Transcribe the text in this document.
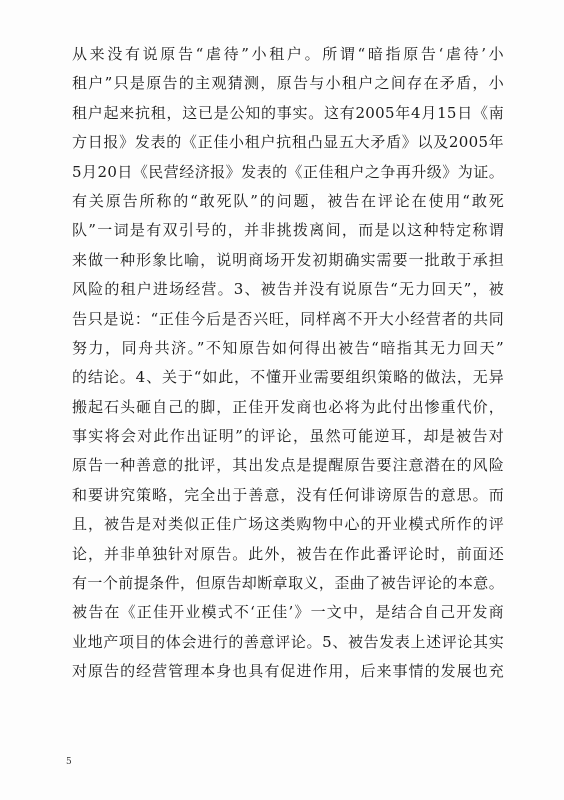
从来没有说原告“虐待”小租户。所谓“暗指原告‘虐待’小
租户”只是原告的主观猜测，原告与小租户之间存在矛盾，小
租户起来抗租，这已是公知的事实。这有2005年4月15日《南
方日报》发表的《正佳小租户抗租凸显五大矛盾》以及2005年
5月20日《民营经济报》发表的《正佳租户之争再升级》为证。
有关原告所称的“敢死队”的问题，被告在评论在使用“敢死
队”一词是有双引号的，并非挑拨离间，而是以这种特定称谓
来做一种形象比喻，说明商场开发初期确实需要一批敢于承担
风险的租户进场经营。3、被告并没有说原告“无力回天”，被
告只是说：“正佳今后是否兴旺，同样离不开大小经营者的共同
努力，同舟共济。”不知原告如何得出被告“暗指其无力回天”
的结论。4、关于“如此，不懂开业需要组织策略的做法，无异
搬起石头砸自己的脚，正佳开发商也必将为此付出惨重代价，
事实将会对此作出证明”的评论，虽然可能逆耳，却是被告对
原告一种善意的批评，其出发点是提醒原告要注意潜在的风险
和要讲究策略，完全出于善意，没有任何诽谤原告的意思。而
且，被告是对类似正佳广场这类购物中心的开业模式所作的评
论，并非单独针对原告。此外，被告在作此番评论时，前面还
有一个前提条件，但原告却断章取义，歪曲了被告评论的本意。
被告在《正佳开业模式不‘正佳’》一文中，是结合自己开发商
业地产项目的体会进行的善意评论。5、被告发表上述评论其实
对原告的经营管理本身也具有促进作用，后来事情的发展也充
5
